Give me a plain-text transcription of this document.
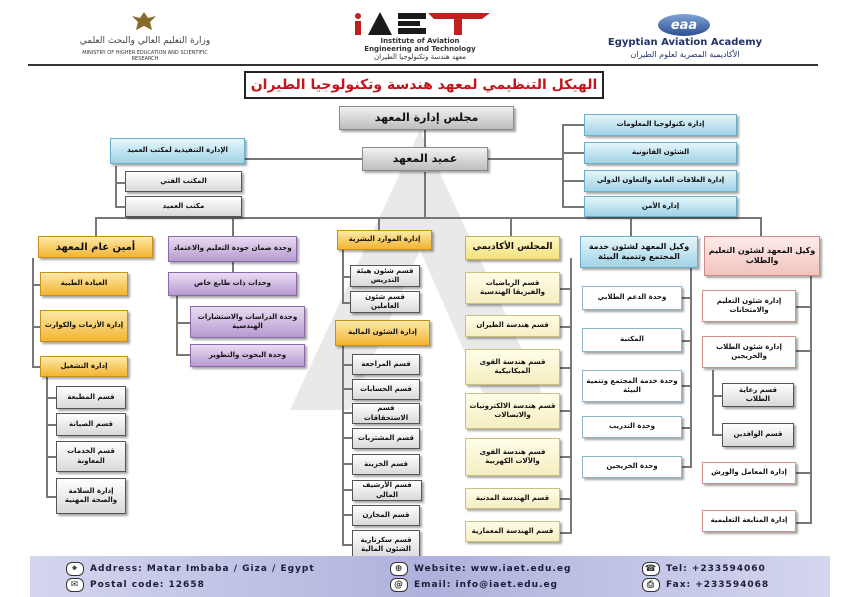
وزارة التعليم العالي والبحث العلمي
MINISTRY OF HIGHER EDUCATION AND SCIENTIFIC RESEARCH
Institute of Aviation
Engineering and Technology
معهد هندسة وتكنولوجيا الطيران
eaa
Egyptian Aviation Academy
الأكاديمية المصرية لعلوم الطيران
الهيكل التنظيمي لمعهد هندسة وتكنولوجيا الطيران
مجلس إدارة المعهد
عميد المعهد
الإدارة التنفيذية لمكتب العميد
المكتب الفني
مكتب العميد
إدارة تكنولوجيا المعلومات
الشئون القانونية
إدارة العلاقات العامة والتعاون الدولي
إدارة الأمن
أمين عام المعهد
العيادة الطبية
إدارة الأزمات والكوارث
إدارة التشغيل
قسم المطبعة
قسم الصيانة
قسم الخدمات المعاونة
إدارة السلامة والصحة المهنية
وحدة ضمان جودة التعليم والاعتماد
وحدات ذات طابع خاص
وحدة الدراسات والاستشارات الهندسية
وحدة البحوث والتطوير
إدارة الموارد البشرية
قسم شئون هيئة التدريس
قسم شئون العاملين
إدارة الشئون المالية
قسم المراجعة
قسم الحسابات
قسم الاستحقاقات
قسم المشتريات
قسم الخزينة
قسم الأرشيف المالي
قسم المخازن
قسم سكرتارية الشئون المالية
المجلس الأكاديمي
قسم الرياضيات والفيزيقا الهندسية
قسم هندسة الطيران
قسم هندسة القوى الميكانيكية
قسم هندسة الالكترونيات والاتصالات
قسم هندسة القوى والآلات الكهربية
قسم الهندسة المدنية
قسم الهندسة المعمارية
وكيل المعهد لشئون خدمة المجتمع وتنمية البيئة
وحدة الدعم الطلابي
المكتبة
وحدة خدمة المجتمع وتنمية البيئة
وحدة التدريب
وحدة الخريجين
وكيل المعهد لشئون التعليم والطلاب
إدارة شئون التعليم والامتحانات
إدارة شئون الطلاب والخريجين
قسم رعاية الطلاب
قسم الوافدين
إدارة المعامل والورش
إدارة المتابعة التعليمية
⌖	Address: Matar Imbaba / Giza / Egypt
✉	Postal code: 12658
⊕	Website: www.iaet.edu.eg
@	Email: info@iaet.edu.eg
☎ Tel: +233594060
⎙	Fax: +233594068
